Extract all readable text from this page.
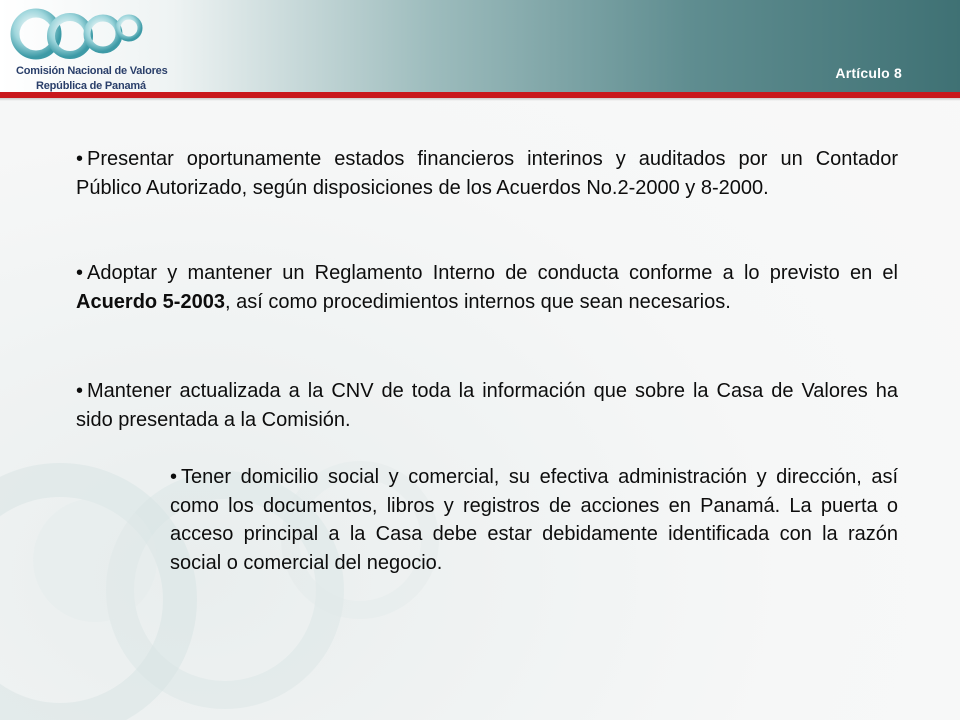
Comisión Nacional de Valores
República de Panamá
Artículo 8

• Presentar oportunamente estados financieros interinos y auditados por un Contador Público Autorizado, según disposiciones de los Acuerdos No.2-2000 y 8-2000.

• Adoptar y mantener un Reglamento Interno de conducta conforme a lo previsto en el Acuerdo 5-2003, así como procedimientos internos que sean necesarios.

• Mantener actualizada a la CNV de toda la información que sobre la Casa de Valores ha sido presentada a la Comisión.

• Tener domicilio social y comercial, su efectiva administración y dirección, así como los documentos, libros y registros de acciones en Panamá. La puerta o acceso principal a la Casa debe estar debidamente identificada con la razón social o comercial del negocio.
